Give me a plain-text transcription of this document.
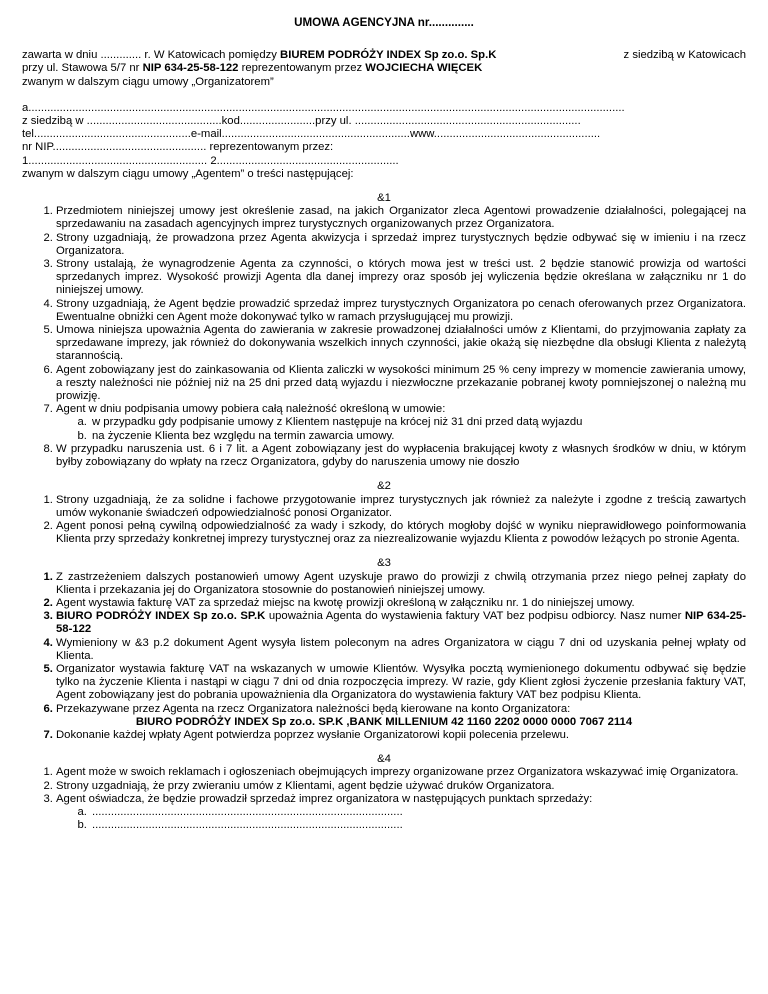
UMOWA AGENCYJNA nr..............
zawarta w dniu ............. r. W Katowicach pomiędzy BIUREM PODRÓŻY INDEX Sp zo.o. Sp.K	z siedzibą w Katowicach
przy ul. Stawowa 5/7 nr NIP 634-25-58-122 reprezentowanym przez WOJCIECHA WIĘCEK
zwanym w dalszym ciągu umowy „Organizatorem”
a..............................................................................................................................................................................................
z siedzibą w ...........................................kod........................przy ul. ........................................................................
tel..................................................e-mail............................................................www.....................................................
nr NIP................................................. reprezentowanym przez:
1......................................................... 2..........................................................
zwanym w dalszym ciągu umowy „Agentem” o treści następującej:
&1
1. Przedmiotem niniejszej umowy jest określenie zasad, na jakich Organizator zleca Agentowi prowadzenie działalności, polegającej na sprzedawaniu na zasadach agencyjnych imprez turystycznych organizowanych przez Organizatora.
2. Strony uzgadniają, że prowadzona przez Agenta akwizycja i sprzedaż imprez turystycznych będzie odbywać się w imieniu i na rzecz Organizatora.
3. Strony ustalają, że wynagrodzenie Agenta za czynności, o których mowa jest w treści ust. 2 będzie stanowić prowizja od wartości sprzedanych imprez. Wysokość prowizji Agenta dla danej imprezy oraz sposób jej wyliczenia będzie określana w załączniku nr 1 do niniejszej umowy.
4. Strony uzgadniają, że Agent będzie prowadzić sprzedaż imprez turystycznych Organizatora po cenach oferowanych przez Organizatora. Ewentualne obniżki cen Agent może dokonywać tylko w ramach przysługującej mu prowizji.
5. Umowa niniejsza upoważnia Agenta do zawierania w zakresie prowadzonej działalności umów z Klientami, do przyjmowania zapłaty za sprzedawane imprezy, jak również do dokonywania wszelkich innych czynności, jakie okażą się niezbędne dla obsługi Klienta z należytą starannością.
6. Agent zobowiązany jest do zainkasowania od Klienta zaliczki w wysokości minimum 25 % ceny imprezy w momencie zawierania umowy, a reszty należności nie później niż na 25 dni przed datą wyjazdu i niezwłoczne przekazanie pobranej kwoty pomniejszonej o należną mu prowizję.
7. Agent w dniu podpisania umowy pobiera całą należność określoną w umowie:
a. w przypadku gdy podpisanie umowy z Klientem następuje na krócej niż 31 dni przed datą wyjazdu
b. na życzenie Klienta bez względu na termin zawarcia umowy.
8. W przypadku naruszenia ust. 6 i 7 lit. a Agent zobowiązany jest do wypłacenia brakującej kwoty z własnych środków w dniu, w którym byłby zobowiązany do wpłaty na rzecz Organizatora, gdyby do naruszenia umowy nie doszło
&2
1. Strony uzgadniają, że za solidne i fachowe przygotowanie imprez turystycznych jak również za należyte i zgodne z treścią zawartych umów wykonanie świadczeń odpowiedzialność ponosi Organizator.
2. Agent ponosi pełną cywilną odpowiedzialność za wady i szkody, do których mogłoby dojść w wyniku nieprawidłowego poinformowania Klienta przy sprzedaży konkretnej imprezy turystycznej oraz za niezrealizowanie wyjazdu Klienta z powodów leżących po stronie Agenta.
&3
1. Z zastrzeżeniem dalszych postanowień umowy Agent uzyskuje prawo do prowizji z chwilą otrzymania przez niego pełnej zapłaty do Klienta i przekazania jej do Organizatora stosownie do postanowień niniejszej umowy.
2. Agent wystawia fakturę VAT za sprzedaż miejsc na kwotę prowizji określoną w załączniku nr. 1 do niniejszej umowy.
3. BIURO PODRÓŻY INDEX Sp zo.o. SP.K upoważnia Agenta do wystawienia faktury VAT bez podpisu odbiorcy. Nasz numer NIP 634-25-58-122
4. Wymieniony w &3 p.2 dokument Agent wysyła listem poleconym na adres Organizatora w ciągu 7 dni od uzyskania pełnej wpłaty od Klienta.
5. Organizator wystawia fakturę VAT na wskazanych w umowie Klientów. Wysyłka pocztą wymienionego dokumentu odbywać się będzie tylko na życzenie Klienta i nastąpi w ciągu 7 dni od dnia rozpoczęcia imprezy. W razie, gdy Klient zgłosi życzenie przesłania faktury VAT, Agent zobowiązany jest do pobrania upoważnienia dla Organizatora do wystawienia faktury VAT bez podpisu Klienta.
6. Przekazywane przez Agenta na rzecz Organizatora należności będą kierowane na konto Organizatora:
BIURO PODRÓŻY INDEX Sp zo.o. SP.K ,BANK MILLENIUM 42 1160 2202 0000 0000 7067 2114
7. Dokonanie każdej wpłaty Agent potwierdza poprzez wysłanie Organizatorowi kopii polecenia przelewu.
&4
1. Agent może w swoich reklamach i ogłoszeniach obejmujących imprezy organizowane przez Organizatora wskazywać imię Organizatora.
2. Strony uzgadniają, że przy zwieraniu umów z Klientami, agent będzie używać druków Organizatora.
3. Agent oświadcza, że będzie prowadził sprzedaż imprez organizatora w następujących punktach sprzedaży:
a. ...................................................................................................
b. ...................................................................................................
